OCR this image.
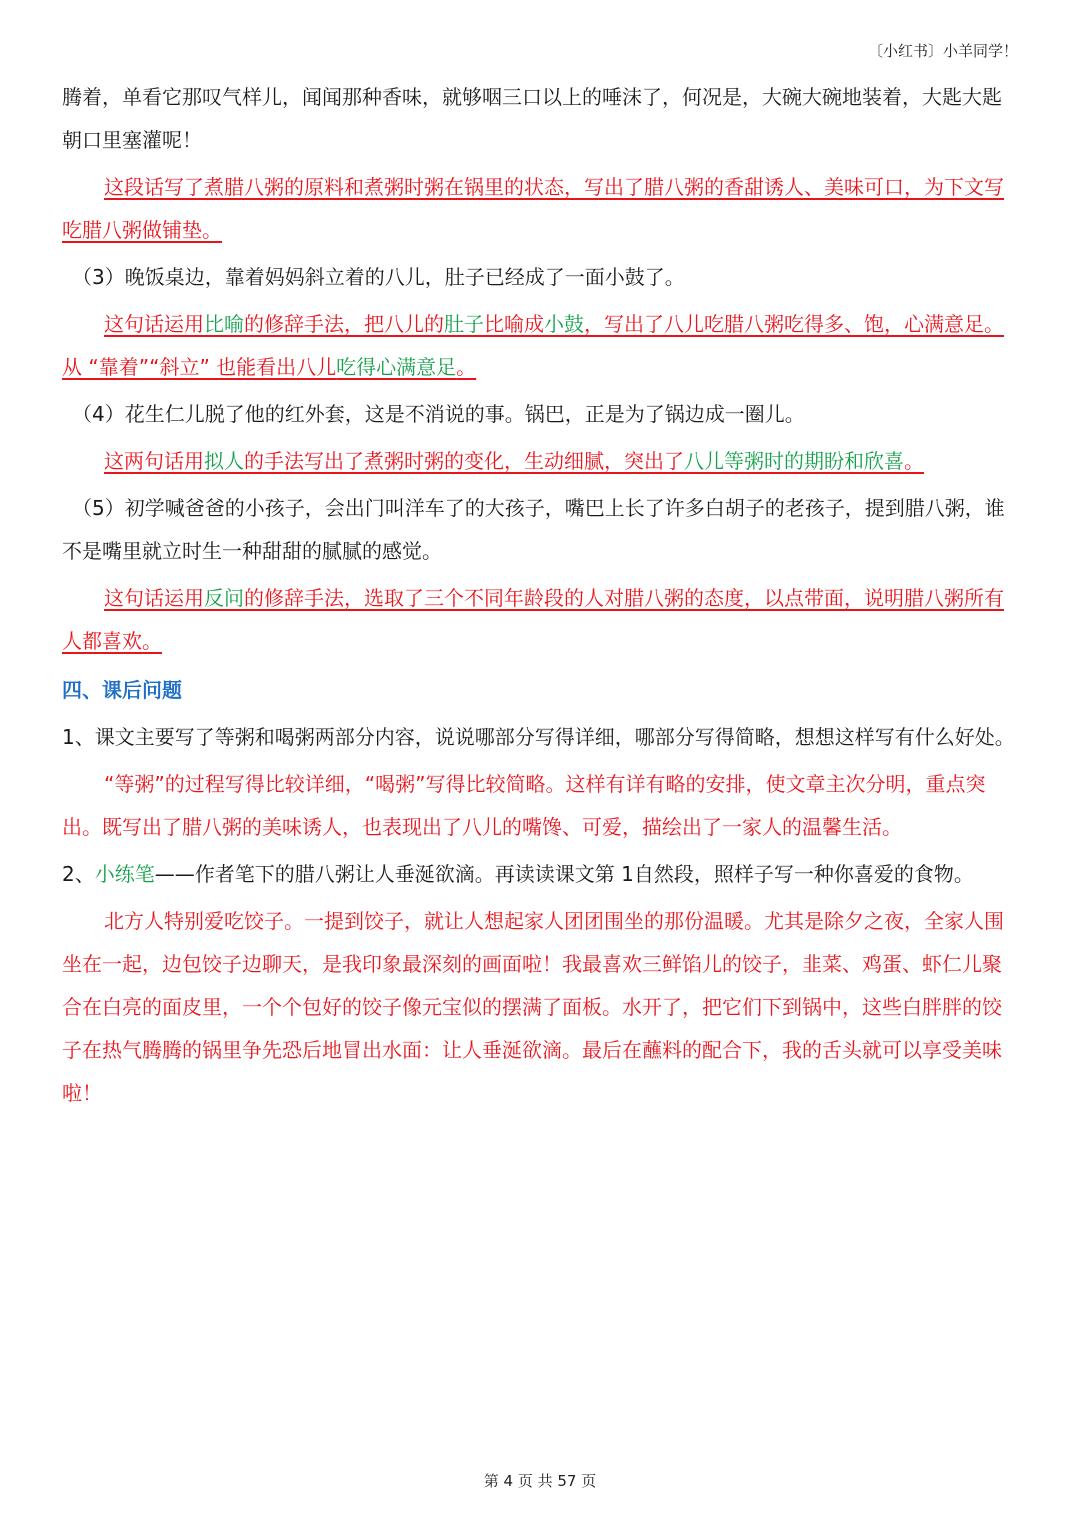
〔小红书〕小羊同学！

腾着，单看它那叹气样儿，闻闻那种香味，就够咽三口以上的唾沫了，何况是，大碗大碗地装着，大匙大匙朝口里塞灌呢！

这段话写了煮腊八粥的原料和煮粥时粥在锅里的状态，写出了腊八粥的香甜诱人、美味可口，为下文写吃腊八粥做铺垫。

（3）晚饭桌边，靠着妈妈斜立着的八儿，肚子已经成了一面小鼓了。

这句话运用比喻的修辞手法，把八儿的肚子比喻成小鼓，写出了八儿吃腊八粥吃得多、饱，心满意足。从 “靠着”“斜立” 也能看出八儿吃得心满意足。

（4）花生仁儿脱了他的红外套，这是不消说的事。锅巴，正是为了锅边成一圈儿。

这两句话用拟人的手法写出了煮粥时粥的变化，生动细腻，突出了八儿等粥时的期盼和欣喜。

（5）初学喊爸爸的小孩子，会出门叫洋车了的大孩子，嘴巴上长了许多白胡子的老孩子，提到腊八粥，谁不是嘴里就立时生一种甜甜的腻腻的感觉。

这句话运用反问的修辞手法，选取了三个不同年龄段的人对腊八粥的态度，以点带面，说明腊八粥所有人都喜欢。

四、课后问题

1、课文主要写了等粥和喝粥两部分内容，说说哪部分写得详细，哪部分写得简略，想想这样写有什么好处。

“等粥”的过程写得比较详细，“喝粥”写得比较简略。这样有详有略的安排，使文章主次分明，重点突出。既写出了腊八粥的美味诱人，也表现出了八儿的嘴馋、可爱，描绘出了一家人的温馨生活。

2、小练笔——作者笔下的腊八粥让人垂涎欲滴。再读读课文第 1自然段，照样子写一种你喜爱的食物。

北方人特别爱吃饺子。一提到饺子，就让人想起家人团团围坐的那份温暖。尤其是除夕之夜，全家人围坐在一起，边包饺子边聊天，是我印象最深刻的画面啦！我最喜欢三鲜馅儿的饺子，韭菜、鸡蛋、虾仁儿聚合在白亮的面皮里，一个个包好的饺子像元宝似的摆满了面板。水开了，把它们下到锅中，这些白胖胖的饺子在热气腾腾的锅里争先恐后地冒出水面：让人垂涎欲滴。最后在蘸料的配合下，我的舌头就可以享受美味啦！

第 4 页 共 57 页
